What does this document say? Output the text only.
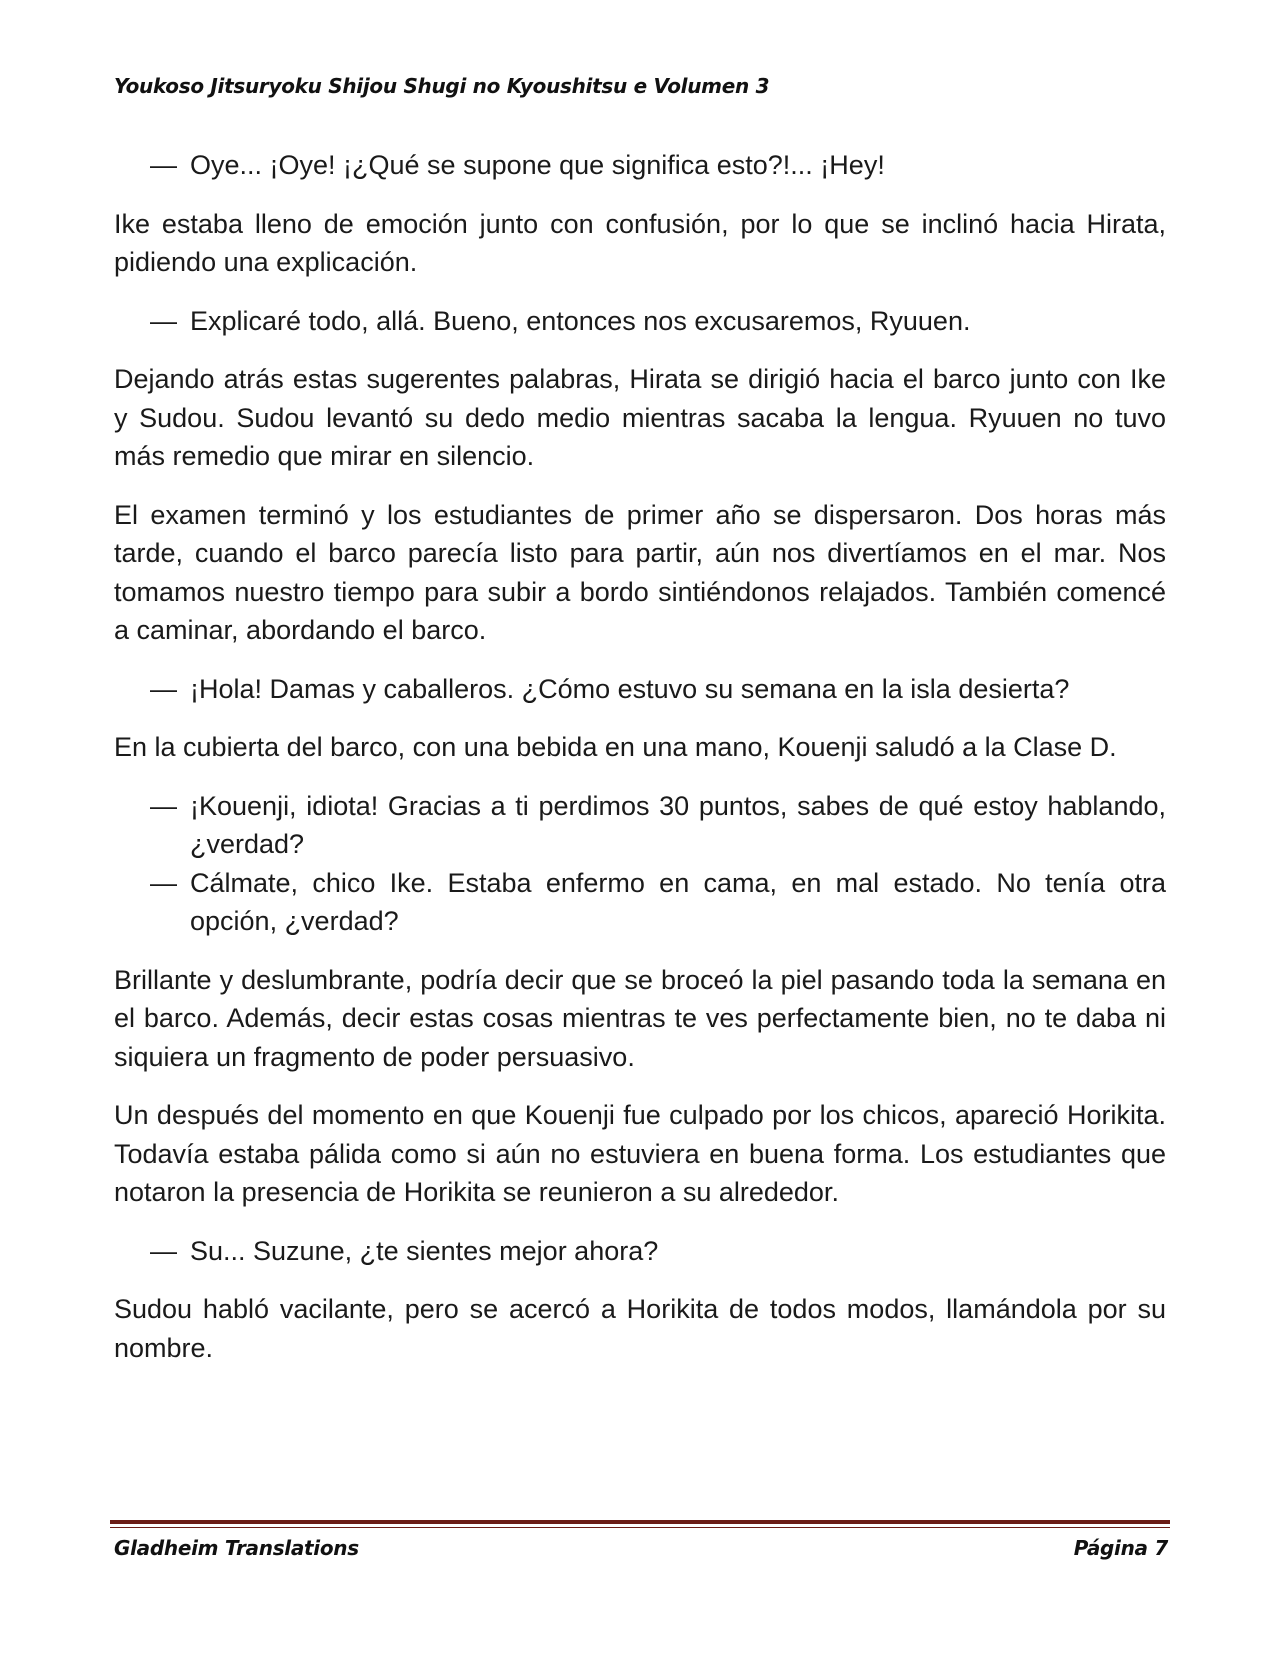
Youkoso Jitsuryoku Shijou Shugi no Kyoushitsu e Volumen 3

— Oye... ¡Oye! ¡¿Qué se supone que significa esto?!... ¡Hey!

Ike estaba lleno de emoción junto con confusión, por lo que se inclinó hacia Hirata, pidiendo una explicación.

— Explicaré todo, allá. Bueno, entonces nos excusaremos, Ryuuen.

Dejando atrás estas sugerentes palabras, Hirata se dirigió hacia el barco junto con Ike y Sudou. Sudou levantó su dedo medio mientras sacaba la lengua. Ryuuen no tuvo más remedio que mirar en silencio.

El examen terminó y los estudiantes de primer año se dispersaron. Dos horas más tarde, cuando el barco parecía listo para partir, aún nos divertíamos en el mar. Nos tomamos nuestro tiempo para subir a bordo sintiéndonos relajados. También comencé a caminar, abordando el barco.

— ¡Hola! Damas y caballeros. ¿Cómo estuvo su semana en la isla desierta?

En la cubierta del barco, con una bebida en una mano, Kouenji saludó a la Clase D.

— ¡Kouenji, idiota! Gracias a ti perdimos 30 puntos, sabes de qué estoy hablando, ¿verdad?

— Cálmate, chico Ike. Estaba enfermo en cama, en mal estado. No tenía otra opción, ¿verdad?

Brillante y deslumbrante, podría decir que se broceó la piel pasando toda la semana en el barco. Además, decir estas cosas mientras te ves perfectamente bien, no te daba ni siquiera un fragmento de poder persuasivo.

Un después del momento en que Kouenji fue culpado por los chicos, apareció Horikita. Todavía estaba pálida como si aún no estuviera en buena forma. Los estudiantes que notaron la presencia de Horikita se reunieron a su alrededor.

— Su... Suzune, ¿te sientes mejor ahora?

Sudou habló vacilante, pero se acercó a Horikita de todos modos, llamándola por su nombre.

Gladheim Translations	Página 7
